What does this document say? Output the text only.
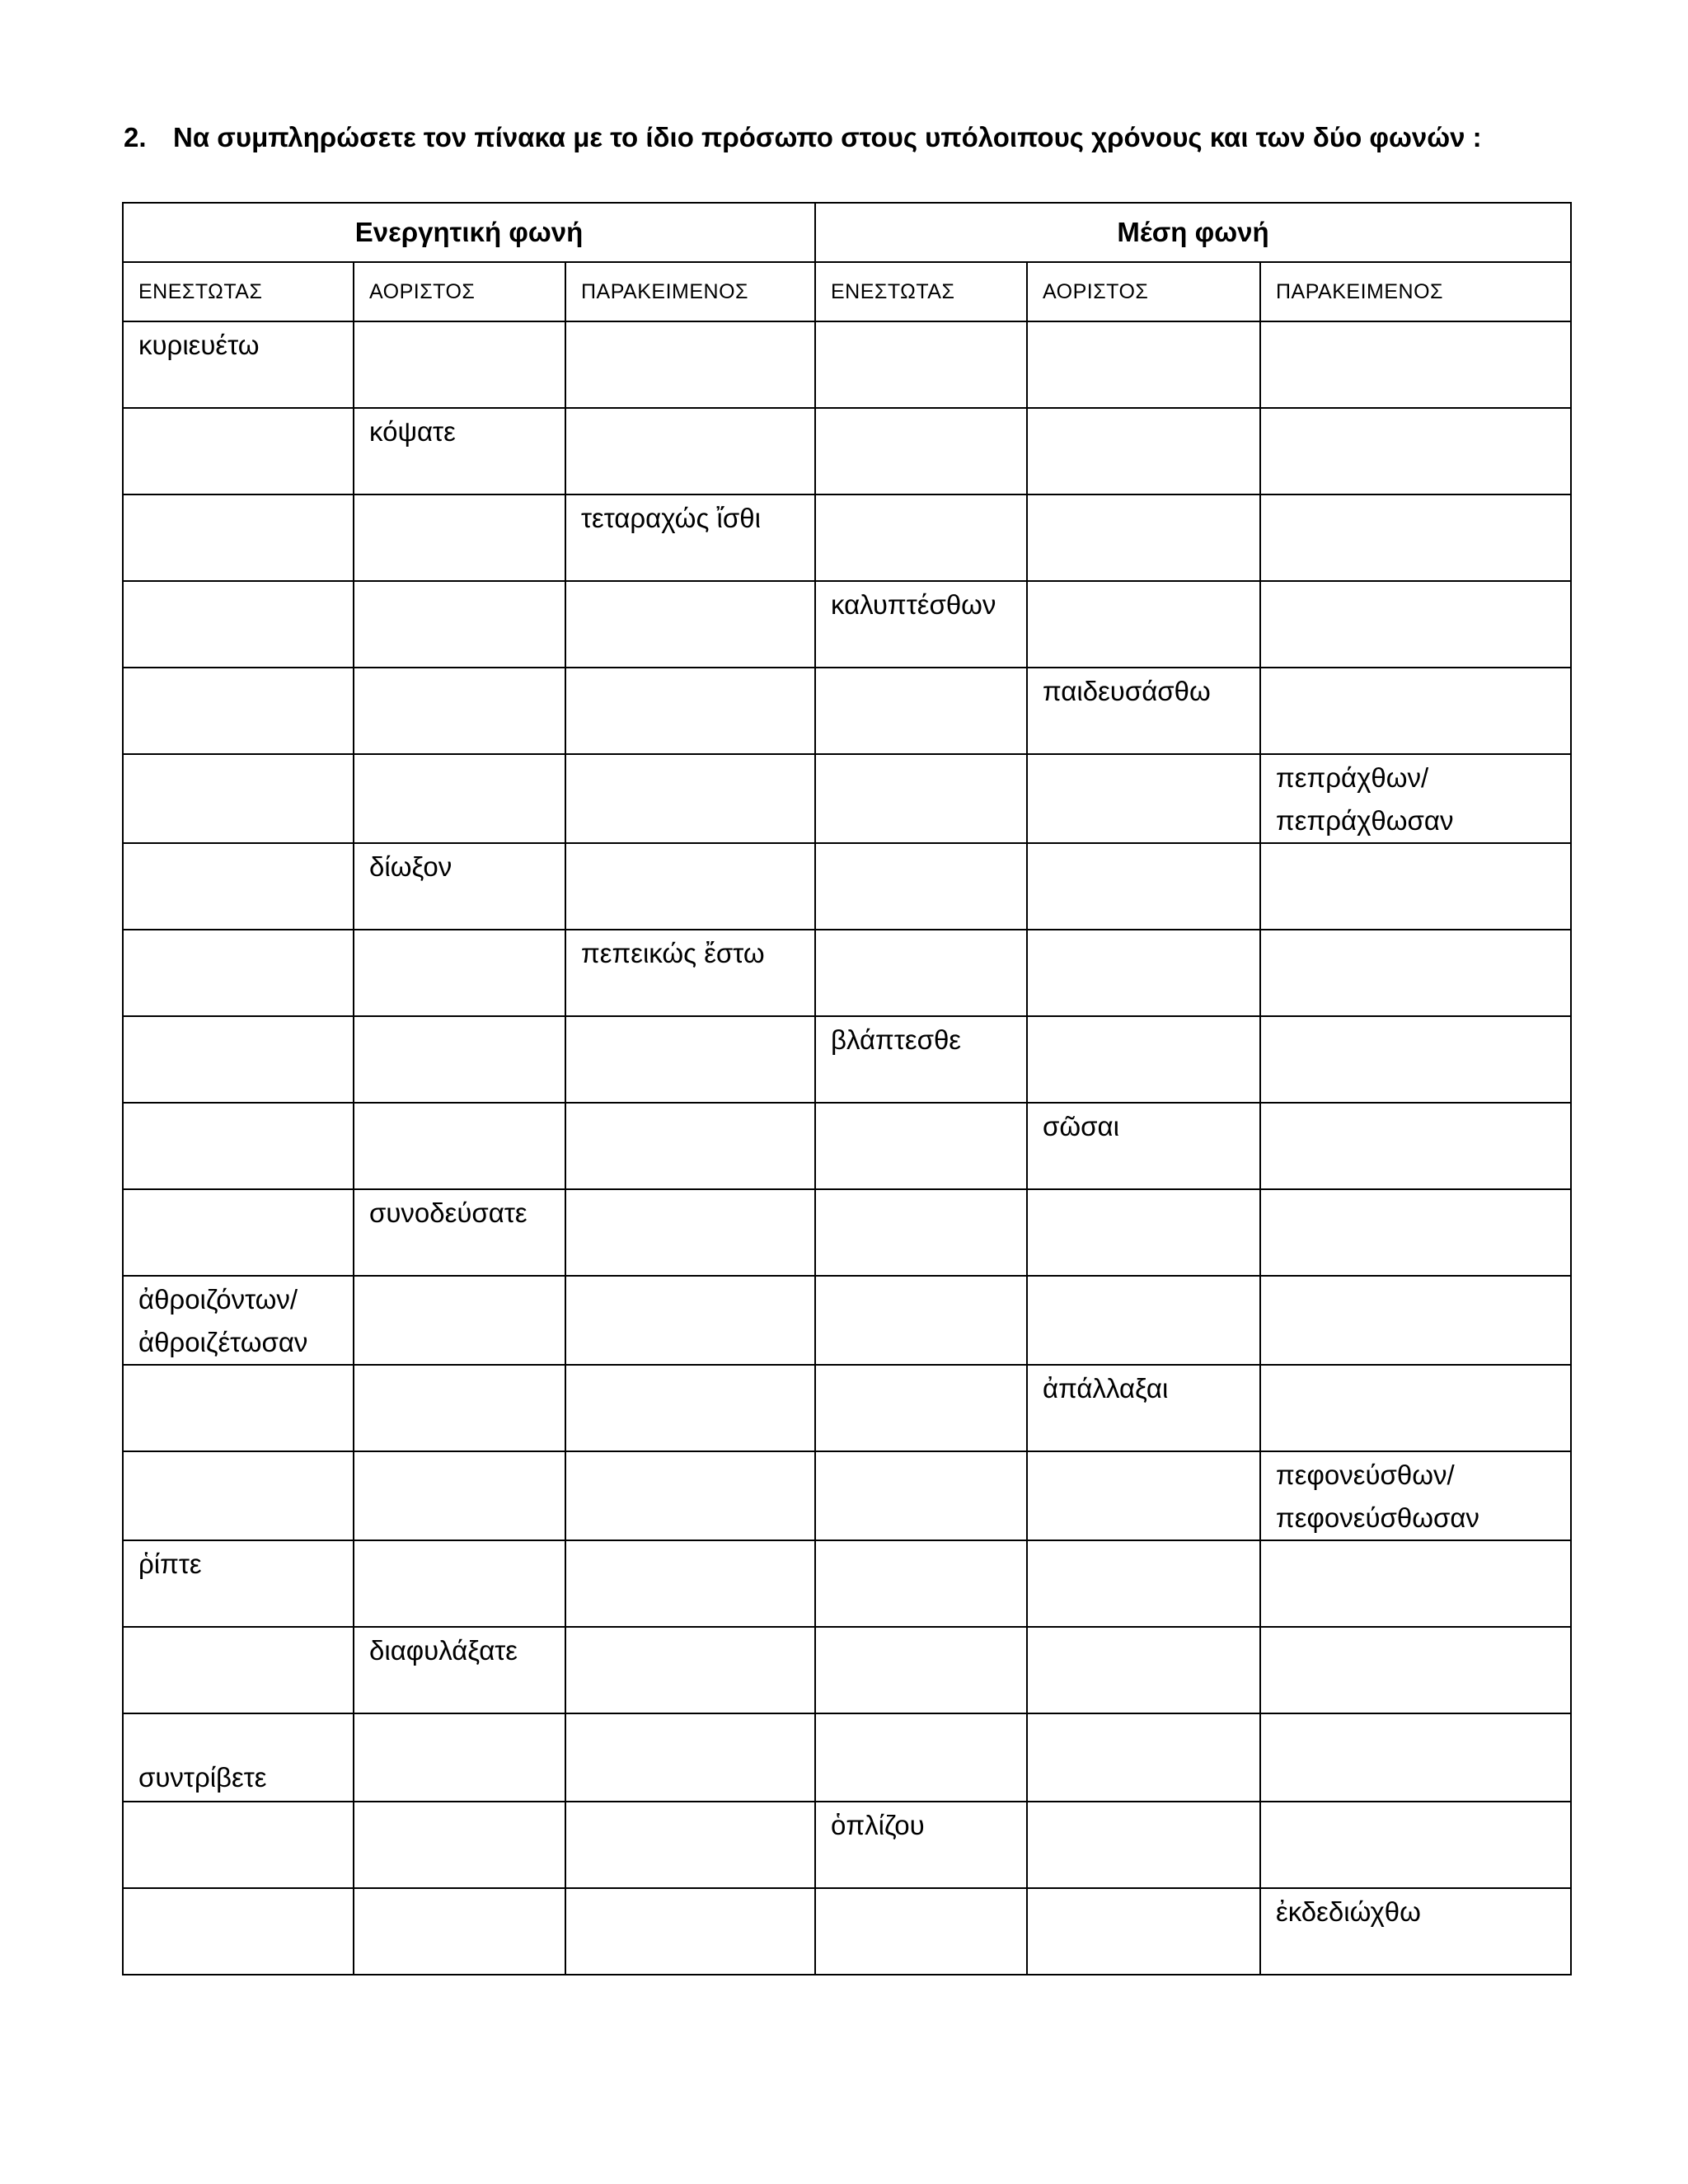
2. Να συμπληρώσετε τον πίνακα με το ίδιο πρόσωπο στους υπόλοιπους χρόνους και των δύο φωνών :
Ενεργητική φωνή			Μέση φωνή		
ΕΝΕΣΤΩΤΑΣ	ΑΟΡΙΣΤΟΣ	ΠΑΡΑΚΕΙΜΕΝΟΣ	ΕΝΕΣΤΩΤΑΣ	ΑΟΡΙΣΤΟΣ	ΠΑΡΑΚΕΙΜΕΝΟΣ
κυριευέτω					
	κόψατε				
		τεταραχώς ἴσθι			
			καλυπτέσθων		
				παιδευσάσθω	
					πεπράχθων/
πεπράχθωσαν
	δίωξον				
		πεπεικώς ἔστω			
			βλάπτεσθε		
				σῶσαι	
	συνοδεύσατε				
ἀθροιζόντων/
ἀθροιζέτωσαν					
				ἀπάλλαξαι	
					πεφονεύσθων/
πεφονεύσθωσαν
ῥίπτε					
	διαφυλάξατε				
συντρίβετε					
			ὁπλίζου		
					ἐκδεδιώχθω
